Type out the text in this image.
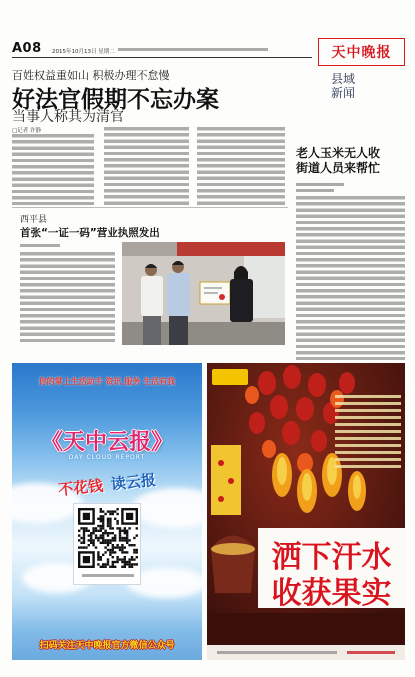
A08 2015年10月13日 星期二	天中晚报
县域
新闻
百姓权益重如山 积极办理不怠慢
好法官假期不忘办案
当事人称其为清官
□记者 许静
老人玉米无人收
街道人员来帮忙
西平县
首张“一证一码”营业执照发出
你的掌上生活助手 资讯 服务 生活有我
《天中云报》
DAY CLOUD REPORT
不花钱 读云报
扫码关注天中晚报官方微信公众号
洒下汗水
收获果实
